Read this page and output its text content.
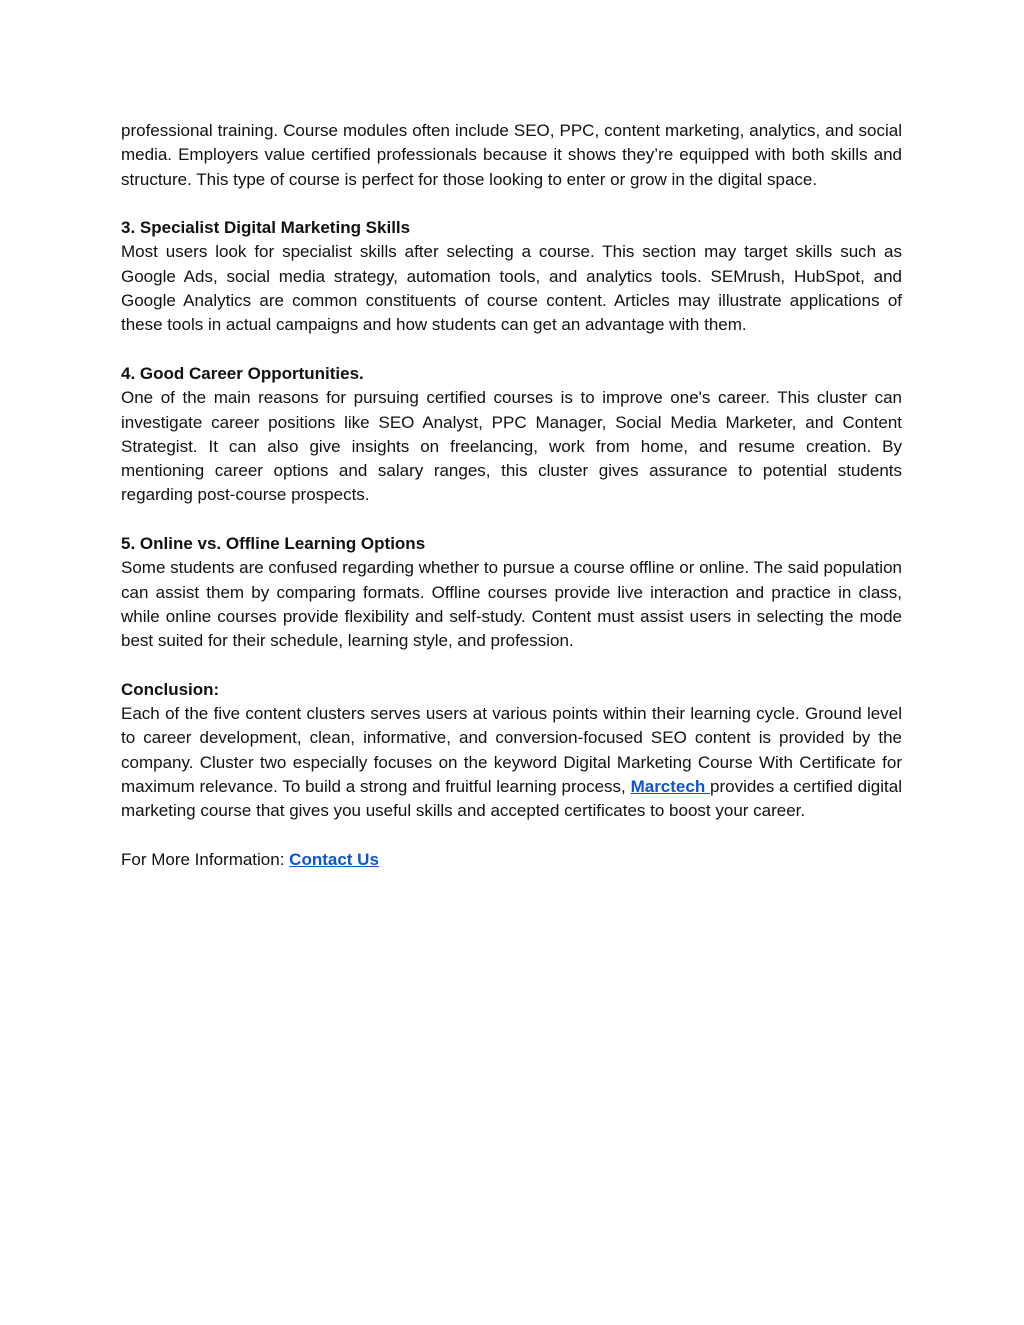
professional training. Course modules often include SEO, PPC, content marketing, analytics, and social media. Employers value certified professionals because it shows they’re equipped with both skills and structure. This type of course is perfect for those looking to enter or grow in the digital space.

3. Specialist Digital Marketing Skills

Most users look for specialist skills after selecting a course. This section may target skills such as Google Ads, social media strategy, automation tools, and analytics tools. SEMrush, HubSpot, and Google Analytics are common constituents of course content. Articles may illustrate applications of these tools in actual campaigns and how students can get an advantage with them.

4. Good Career Opportunities.

One of the main reasons for pursuing certified courses is to improve one's career. This cluster can investigate career positions like SEO Analyst, PPC Manager, Social Media Marketer, and Content Strategist. It can also give insights on freelancing, work from home, and resume creation. By mentioning career options and salary ranges, this cluster gives assurance to potential students regarding post-course prospects.

5. Online vs. Offline Learning Options

Some students are confused regarding whether to pursue a course offline or online. The said population can assist them by comparing formats. Offline courses provide live interaction and practice in class, while online courses provide flexibility and self-study. Content must assist users in selecting the mode best suited for their schedule, learning style, and profession.

Conclusion:

Each of the five content clusters serves users at various points within their learning cycle. Ground level to career development, clean, informative, and conversion-focused SEO content is provided by the company. Cluster two especially focuses on the keyword Digital Marketing Course With Certificate for maximum relevance. To build a strong and fruitful learning process, Marctech provides a certified digital marketing course that gives you useful skills and accepted certificates to boost your career.

For More Information: Contact Us
